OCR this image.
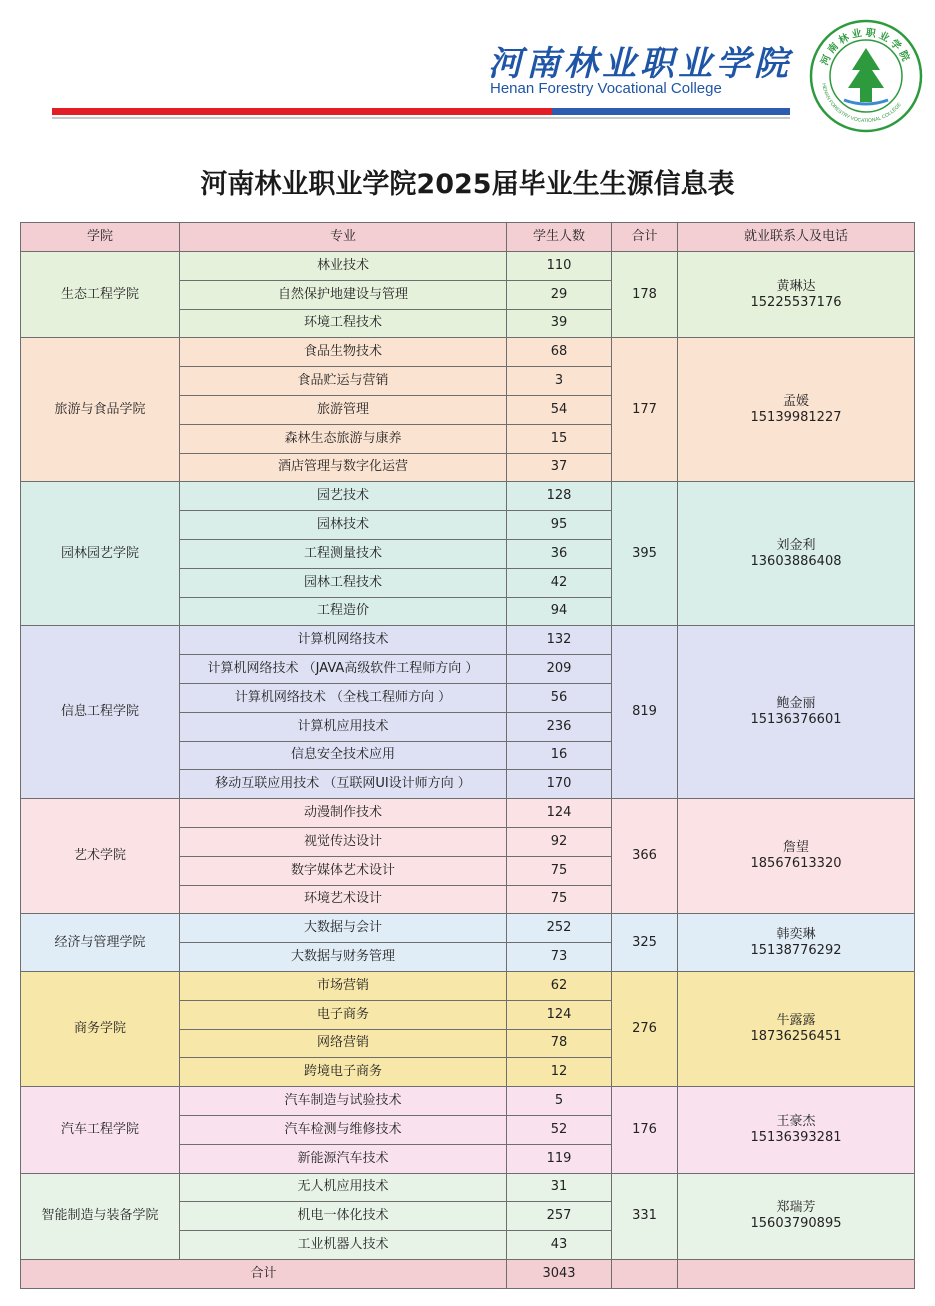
河南林业职业学院
Henan Forestry Vocational College
河南林业职业学院
HENAN FORESTRY VOCATIONAL COLLEGE
河南林业职业学院2025届毕业生生源信息表
学院	专业	学生人数	合计	就业联系人及电话
生态工程学院	林业技术	110	178	黄琳达
15225537176

	自然保护地建设与管理	29		
	环境工程技术	39		
旅游与食品学院	食品生物技术	68	177	孟媛
15139981227

	食品贮运与营销	3		
	旅游管理	54		
	森林生态旅游与康养	15		
	酒店管理与数字化运营	37		
园林园艺学院	园艺技术	128	395	刘金利
13603886408

	园林技术	95		
	工程测量技术	36		
	园林工程技术	42		
	工程造价	94		
信息工程学院	计算机网络技术	132	819	鲍金丽
15136376601

	计算机网络技术 （JAVA高级软件工程师方向 ）	209		
	计算机网络技术 （全栈工程师方向 ）	56		
	计算机应用技术	236		
	信息安全技术应用	16		
	移动互联应用技术 （互联网UI设计师方向 ）	170		
艺术学院	动漫制作技术	124	366	詹望
18567613320

	视觉传达设计	92		
	数字媒体艺术设计	75		
	环境艺术设计	75		
经济与管理学院	大数据与会计	252	325	韩奕琳
15138776292

	大数据与财务管理	73		
商务学院	市场营销	62	276	牛露露
18736256451

	电子商务	124		
	网络营销	78		
	跨境电子商务	12		
汽车工程学院	汽车制造与试验技术	5	176	王豪杰
15136393281

	汽车检测与维修技术	52		
	新能源汽车技术	119		
智能制造与装备学院	无人机应用技术	31	331	郑瑞芳
15603790895

	机电一体化技术	257		
	工业机器人技术	43		
合计		3043		
